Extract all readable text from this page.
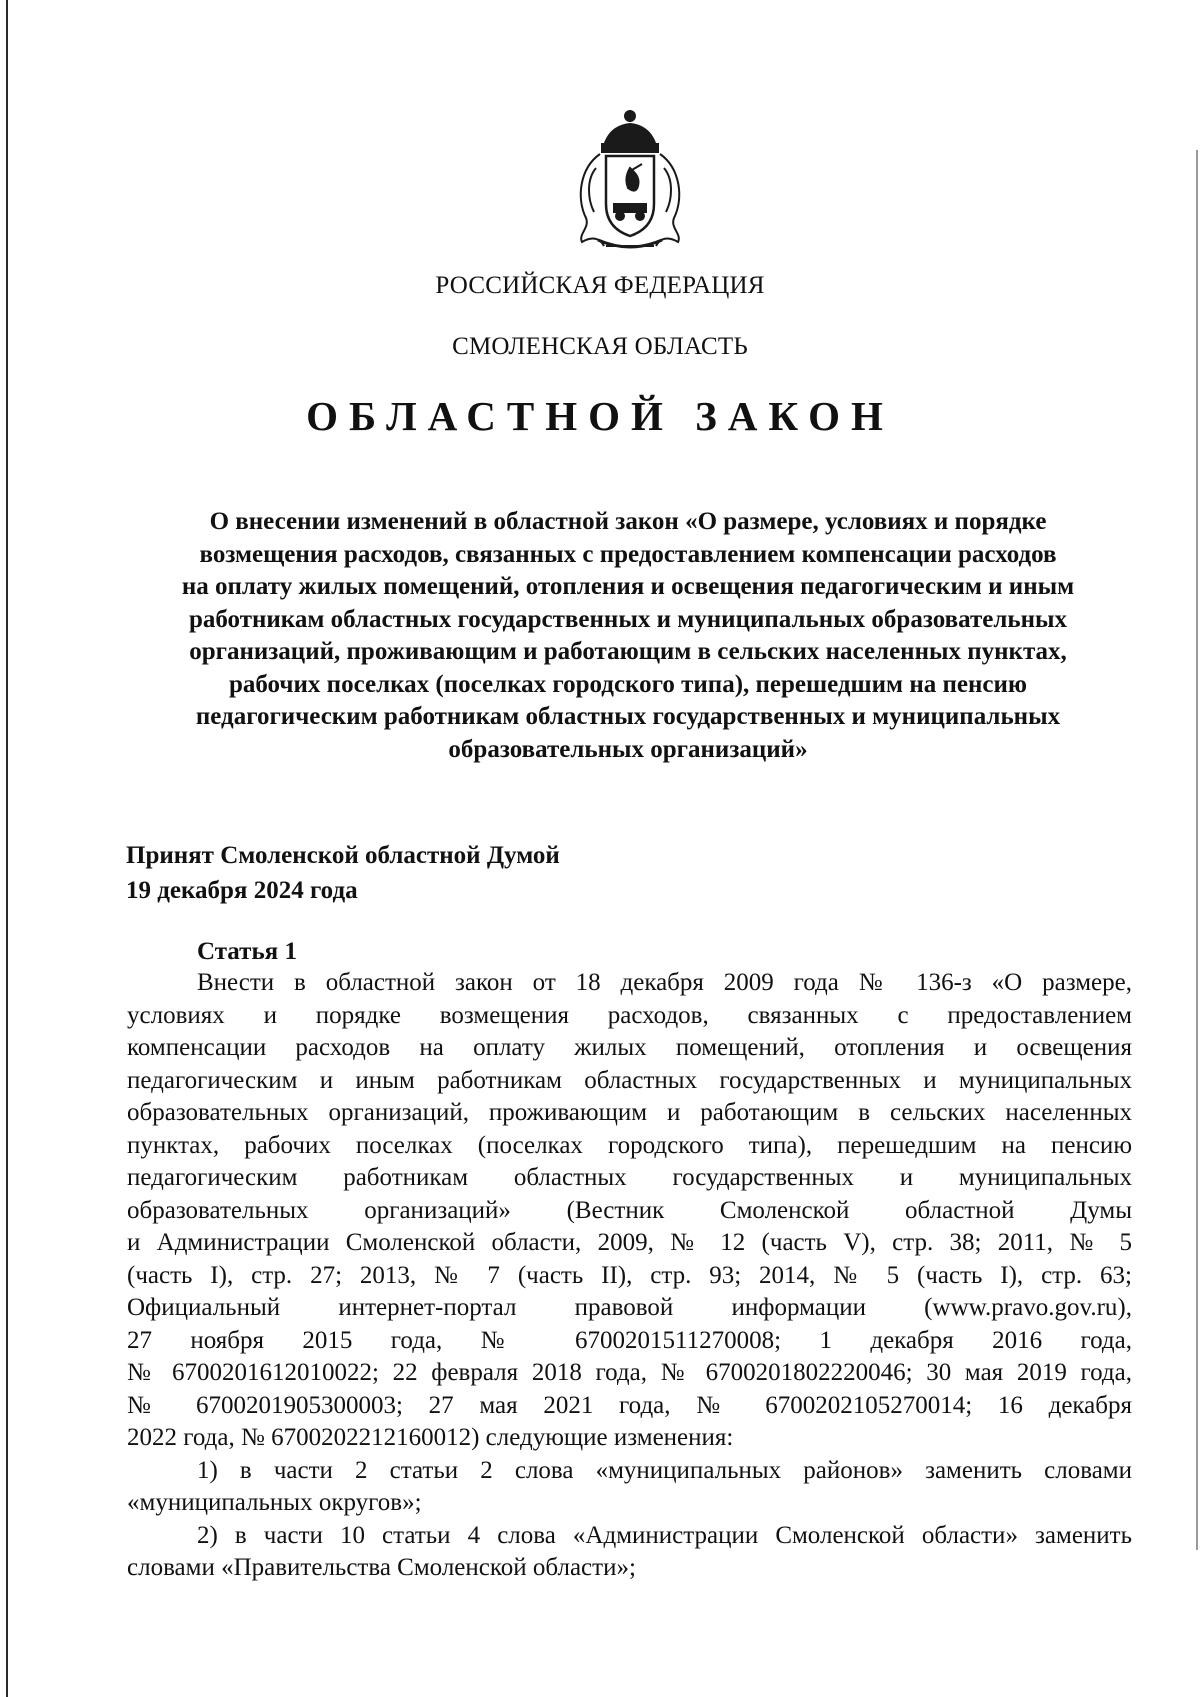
РОССИЙСКАЯ ФЕДЕРАЦИЯ
СМОЛЕНСКАЯ ОБЛАСТЬ
ОБЛАСТНОЙ ЗАКОН
О внесении изменений в областной закон «О размере, условиях и порядке
возмещения расходов, связанных с предоставлением компенсации расходов
на оплату жилых помещений, отопления и освещения педагогическим и иным
работникам областных государственных и муниципальных образовательных
организаций, проживающим и работающим в сельских населенных пунктах,
рабочих поселках (поселках городского типа), перешедшим на пенсию
педагогическим работникам областных государственных и муниципальных
образовательных организаций»
Принят Смоленской областной Думой
19 декабря 2024 года
Статья 1
Внести в областной закон от 18 декабря 2009 года № 136-з «О размере,
условиях и порядке возмещения расходов, связанных с предоставлением
компенсации расходов на оплату жилых помещений, отопления и освещения
педагогическим и иным работникам областных государственных и муниципальных
образовательных организаций, проживающим и работающим в сельских населенных
пунктах, рабочих поселках (поселках городского типа), перешедшим на пенсию
педагогическим работникам областных государственных и муниципальных
образовательных организаций» (Вестник Смоленской областной Думы
и Администрации Смоленской области, 2009, № 12 (часть V), стр. 38; 2011, № 5
(часть I), стр. 27; 2013, № 7 (часть II), стр. 93; 2014, № 5 (часть I), стр. 63;
Официальный интернет-портал правовой информации (www.pravo.gov.ru),
27 ноября 2015 года, № 6700201511270008; 1 декабря 2016 года,
№ 6700201612010022; 22 февраля 2018 года, № 6700201802220046; 30 мая 2019 года,
№ 6700201905300003; 27 мая 2021 года, № 6700202105270014; 16 декабря
2022 года, № 6700202212160012) следующие изменения:
1) в части 2 статьи 2 слова «муниципальных районов» заменить словами
«муниципальных округов»;
2) в части 10 статьи 4 слова «Администрации Смоленской области» заменить
словами «Правительства Смоленской области»;
